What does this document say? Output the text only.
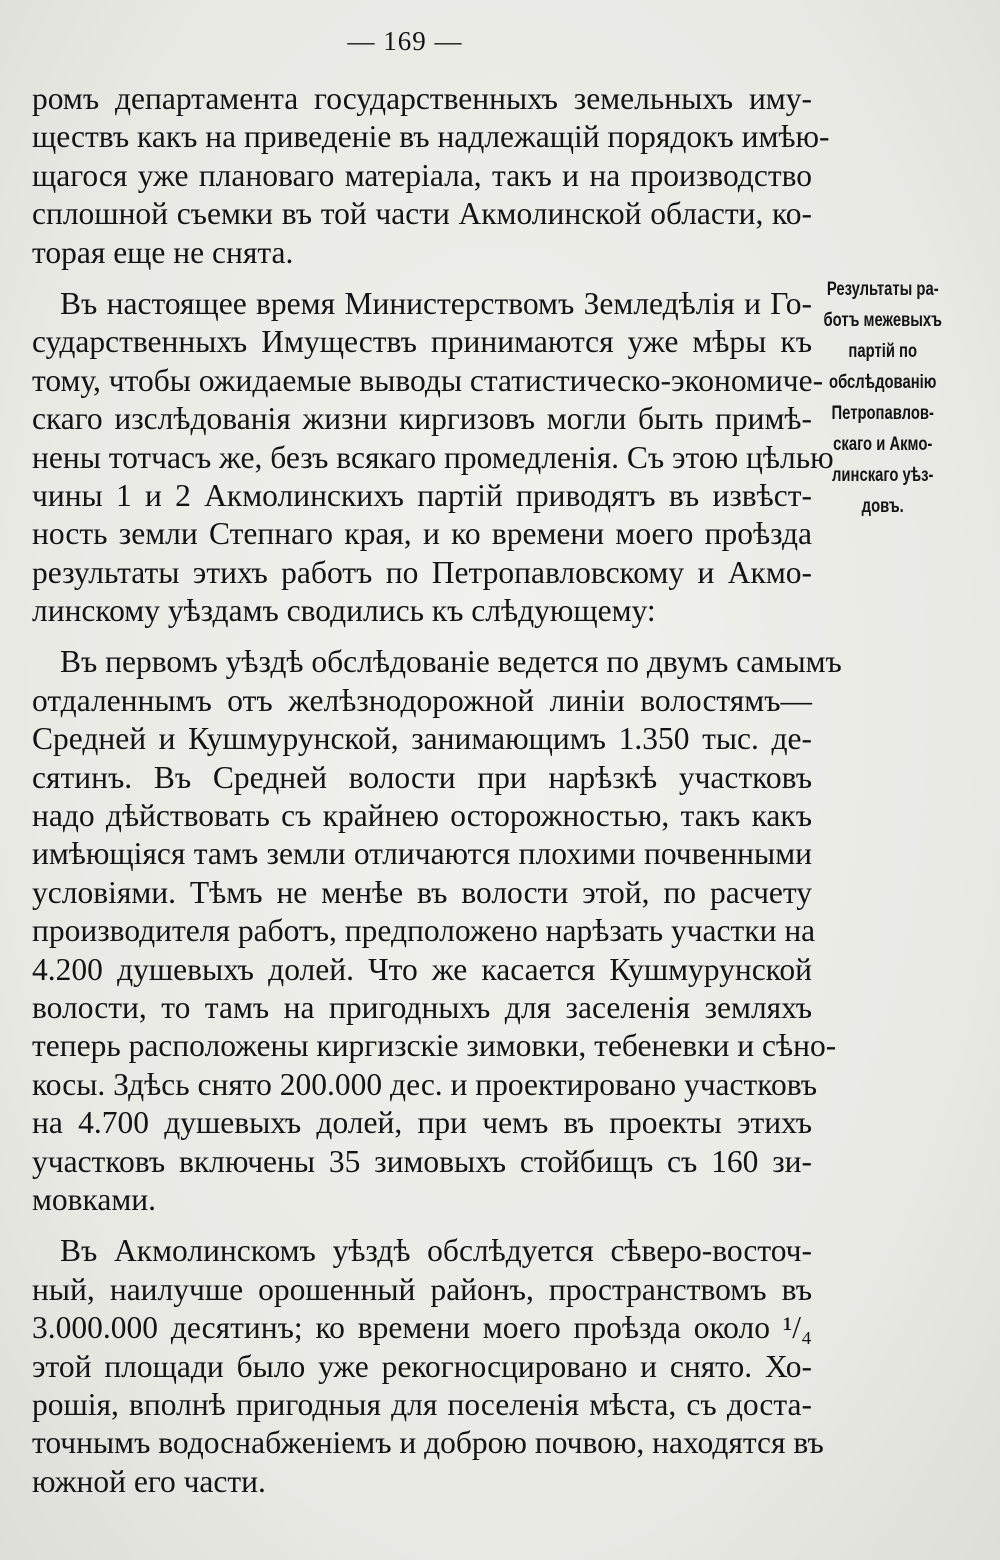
— 169 —
ромъ департамента государственныхъ земельныхъ иму-
ществъ какъ на приведеніе въ надлежащій порядокъ имѣю-
щагося уже плановаго матеріала, такъ и на производство
сплошной съемки въ той части Акмолинской области, ко-
торая еще не снята.
Въ настоящее время Министерствомъ Земледѣлія и Го-
сударственныхъ Имуществъ принимаются уже мѣры къ
тому, чтобы ожидаемые выводы статистическо-экономиче-
скаго изслѣдованія жизни киргизовъ могли быть примѣ-
нены тотчасъ же, безъ всякаго промедленія. Съ этою цѣлью
чины 1 и 2 Акмолинскихъ партій приводятъ въ извѣст-
ность земли Степнаго края, и ко времени моего проѣзда
результаты этихъ работъ по Петропавловскому и Акмо-
линскому уѣздамъ сводились къ слѣдующему:
Въ первомъ уѣздѣ обслѣдованіе ведется по двумъ самымъ
отдаленнымъ отъ желѣзнодорожной линіи волостямъ—
Средней и Кушмурунской, занимающимъ 1.350 тыс. де-
сятинъ. Въ Средней волости при нарѣзкѣ участковъ
надо дѣйствовать съ крайнею осторожностью, такъ какъ
имѣющіяся тамъ земли отличаются плохими почвенными
условіями. Тѣмъ не менѣе въ волости этой, по расчету
производителя работъ, предположено нарѣзать участки на
4.200 душевыхъ долей. Что же касается Кушмурунской
волости, то тамъ на пригодныхъ для заселенія земляхъ
теперь расположены киргизскіе зимовки, тебеневки и сѣно-
косы. Здѣсь снято 200.000 дес. и проектировано участковъ
на 4.700 душевыхъ долей, при чемъ въ проекты этихъ
участковъ включены 35 зимовыхъ стойбищъ съ 160 зи-
мовками.
Въ Акмолинскомъ уѣздѣ обслѣдуется сѣверо-восточ-
ный, наилучше орошенный районъ, пространствомъ въ
3.000.000 десятинъ; ко времени моего проѣзда около ¹/₄
этой площади было уже рекогносцировано и снято. Хо-
рошія, вполнѣ пригодныя для поселенія мѣста, съ доста-
точнымъ водоснабженіемъ и доброю почвою, находятся въ
южной его части.
Результаты ра-
ботъ межевыхъ
партій по
обслѣдованію
Петропавлов-
скаго и Акмо-
линскаго уѣз-
довъ.
